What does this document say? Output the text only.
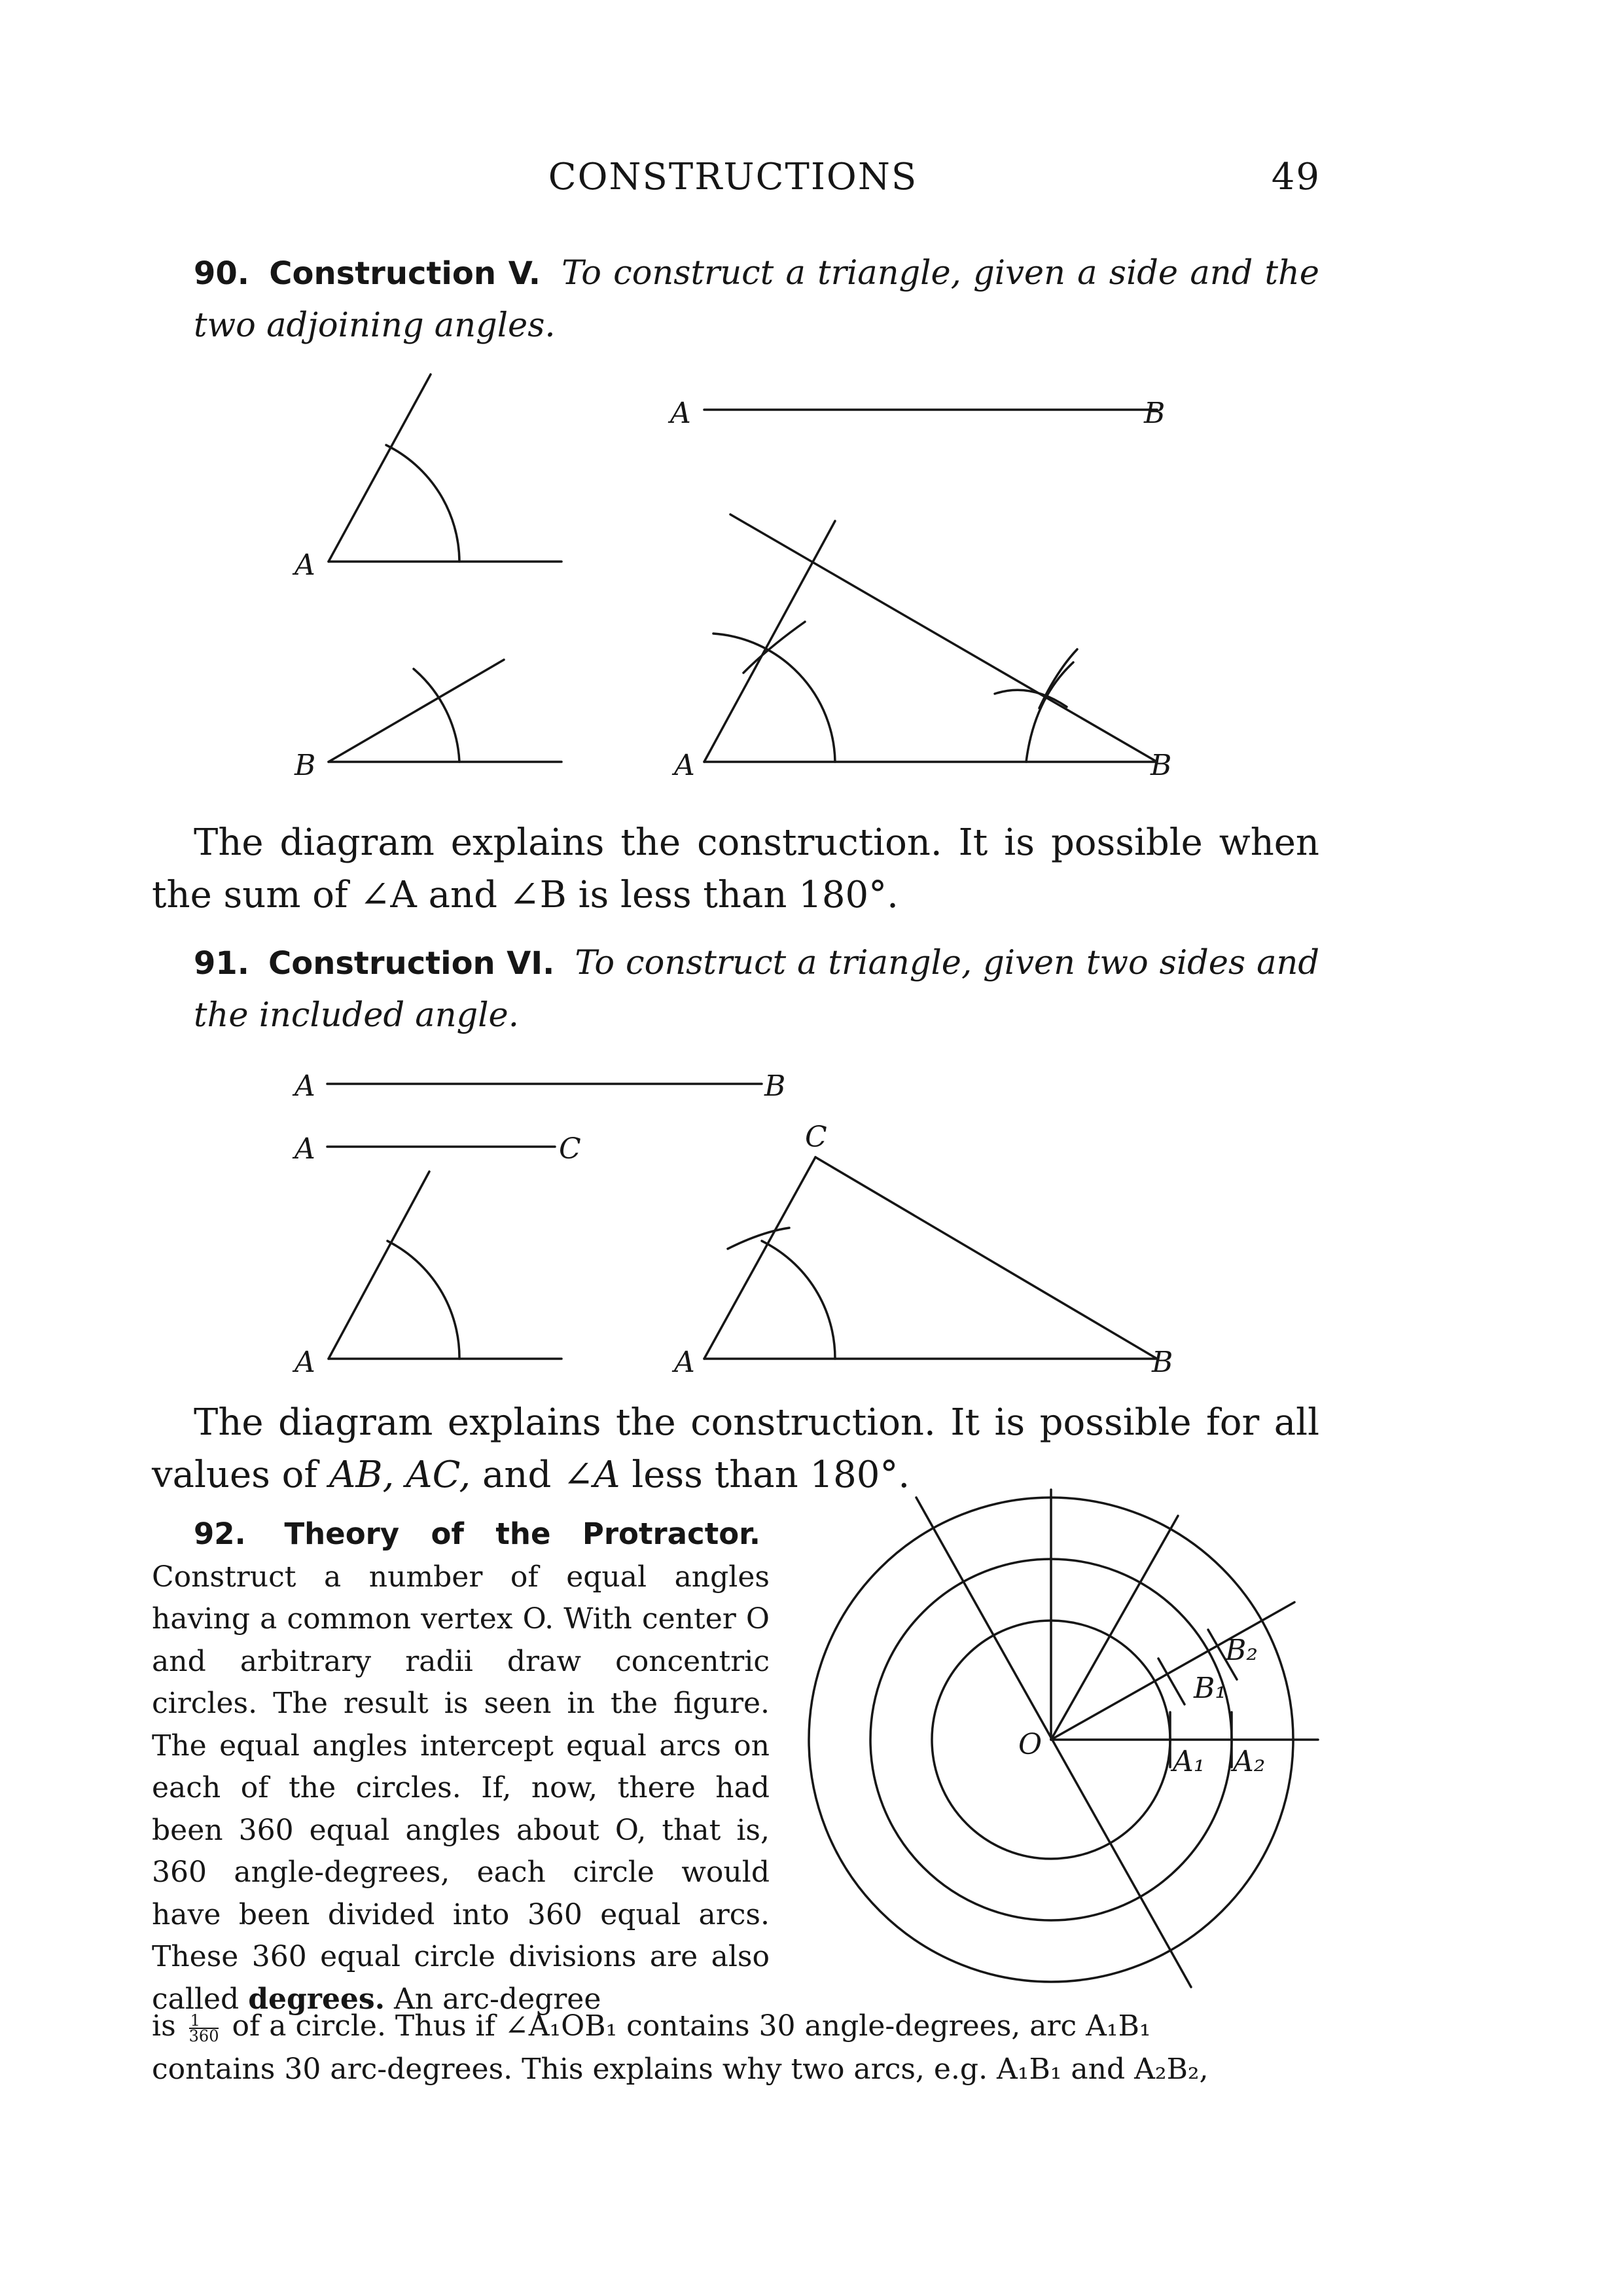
CONSTRUCTIONS	49
90. Construction V. To construct a triangle, given a side and the two adjoining angles.
The diagram explains the construction. It is possible when the sum of ∠A and ∠B is less than 180°.
91. Construction VI. To construct a triangle, given two sides and the included angle.
The diagram explains the construction. It is possible for all values of AB, AC, and ∠A less than 180°.
92. Theory of the Protractor. Construct a number of equal angles having a common vertex O. With center O and arbitrary radii draw concentric circles. The result is seen in the figure. The equal angles intercept equal arcs on each of the circles. If, now, there had been 360 equal angles about O, that is, 360 angle-degrees, each circle would have been divided into 360 equal arcs. These 360 equal circle divisions are also called degrees. An arc-degree
is $\frac{1}{360}$ of a circle. Thus if ∠A₁OB₁ contains 30 angle-degrees, arc A₁B₁
contains 30 arc-degrees. This explains why two arcs, e.g. A₁B₁ and A₂B₂,
A	B
A
B	A	B
A	B
A	C	C
A	A	B
O
A₁ A₂
B₁
B₂
